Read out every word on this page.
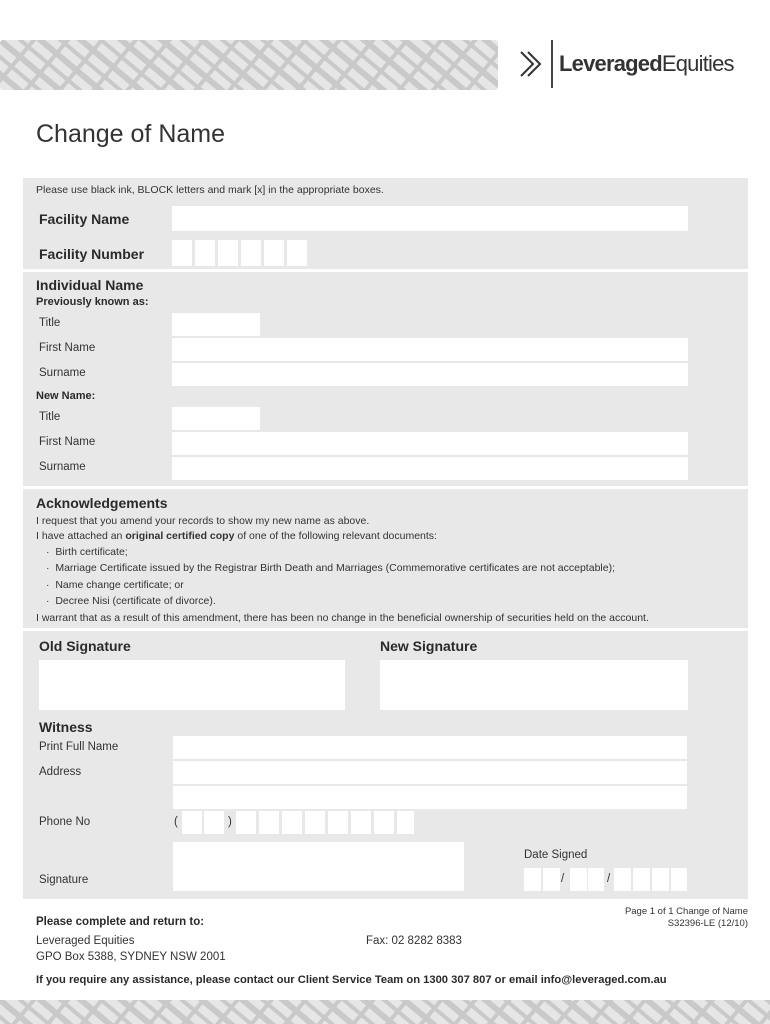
LeveragedEquities
Change of Name
Please use black ink, BLOCK letters and mark [x] in the appropriate boxes.
Facility Name
Facility Number
Individual Name
Previously known as:
Title
First Name
Surname
New Name:
Title
First Name
Surname
Acknowledgements
I request that you amend your records to show my new name as above.
I have attached an original certified copy of one of the following relevant documents:
·  Birth certificate;
·  Marriage Certificate issued by the Registrar Birth Death and Marriages (Commemorative certificates are not acceptable);
·  Name change certificate; or
·  Decree Nisi (certificate of divorce).
I warrant that as a result of this amendment, there has been no change in the beneficial ownership of securities held on the account.
Old Signature	New Signature
Witness
Print Full Name
Address
Phone No	(	)
Signature
Date Signed
/	/
Page 1 of 1 Change of Name
S32396-LE (12/10)
Please complete and return to:
Leveraged Equities
GPO Box 5388, SYDNEY NSW 2001
Fax: 02 8282 8383
If you require any assistance, please contact our Client Service Team on 1300 307 807 or email info@leveraged.com.au
